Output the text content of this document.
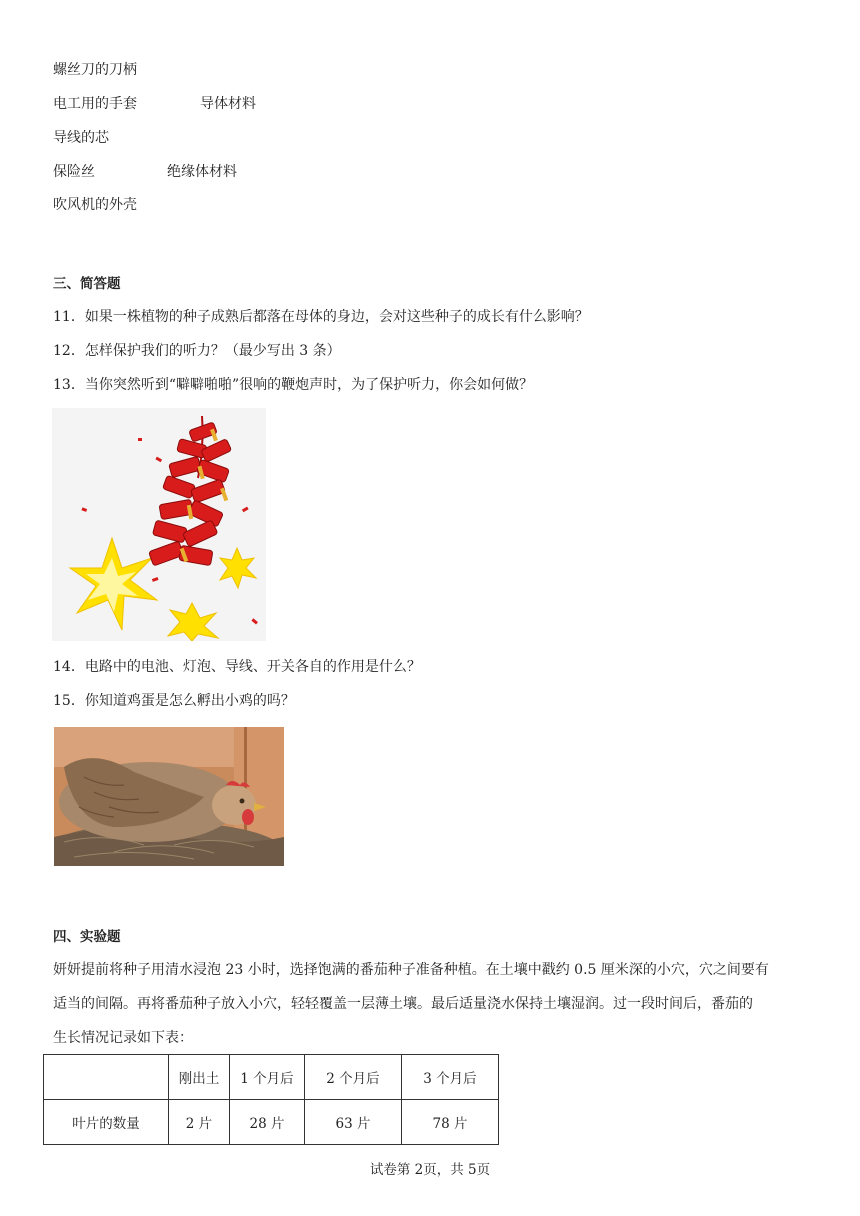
螺丝刀的刀柄
电工用的手套	导体材料
导线的芯
保险丝	绝缘体材料
吹风机的外壳
三、简答题
11．如果一株植物的种子成熟后都落在母体的身边，会对这些种子的成长有什么影响？
12．怎样保护我们的听力？（最少写出 3 条）
13．当你突然听到“噼噼啪啪”很响的鞭炮声时，为了保护听力，你会如何做？
14．电路中的电池、灯泡、导线、开关各自的作用是什么？
15．你知道鸡蛋是怎么孵出小鸡的吗？
四、实验题
妍妍提前将种子用清水浸泡 23 小时，选择饱满的番茄种子准备种植。在土壤中戳约 0.5 厘米深的小穴，穴之间要有
适当的间隔。再将番茄种子放入小穴，轻轻覆盖一层薄土壤。最后适量浇水保持土壤湿润。过一段时间后，番茄的
生长情况记录如下表：
	刚出土	1 个月后	2 个月后	3 个月后
叶片的数量	2 片	28 片	63 片	78 片
试卷第 2页，共 5页
